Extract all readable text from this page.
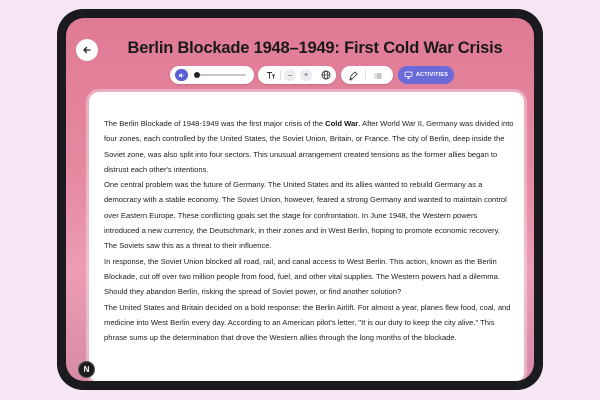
Berlin Blockade 1948–1949: First Cold War Crisis
–	+	ACTIVITIES

The Berlin Blockade of 1948-1949 was the first major crisis of the Cold War. After World War II, Germany was divided into four zones, each controlled by the United States, the Soviet Union, Britain, or France. The city of Berlin, deep inside the Soviet zone, was also split into four sectors. This unusual arrangement created tensions as the former allies began to distrust each other's intentions.

One central problem was the future of Germany. The United States and its allies wanted to rebuild Germany as a democracy with a stable economy. The Soviet Union, however, feared a strong Germany and wanted to maintain control over Eastern Europe. These conflicting goals set the stage for confrontation. In June 1948, the Western powers introduced a new currency, the Deutschmark, in their zones and in West Berlin, hoping to promote economic recovery. The Soviets saw this as a threat to their influence.

In response, the Soviet Union blocked all road, rail, and canal access to West Berlin. This action, known as the Berlin Blockade, cut off over two million people from food, fuel, and other vital supplies. The Western powers had a dilemma. Should they abandon Berlin, risking the spread of Soviet power, or find another solution?

The United States and Britain decided on a bold response: the Berlin Airlift. For almost a year, planes flew food, coal, and medicine into West Berlin every day. According to an American pilot's letter, "It is our duty to keep the city alive." This phrase sums up the determination that drove the Western allies through the long months of the blockade.

N
